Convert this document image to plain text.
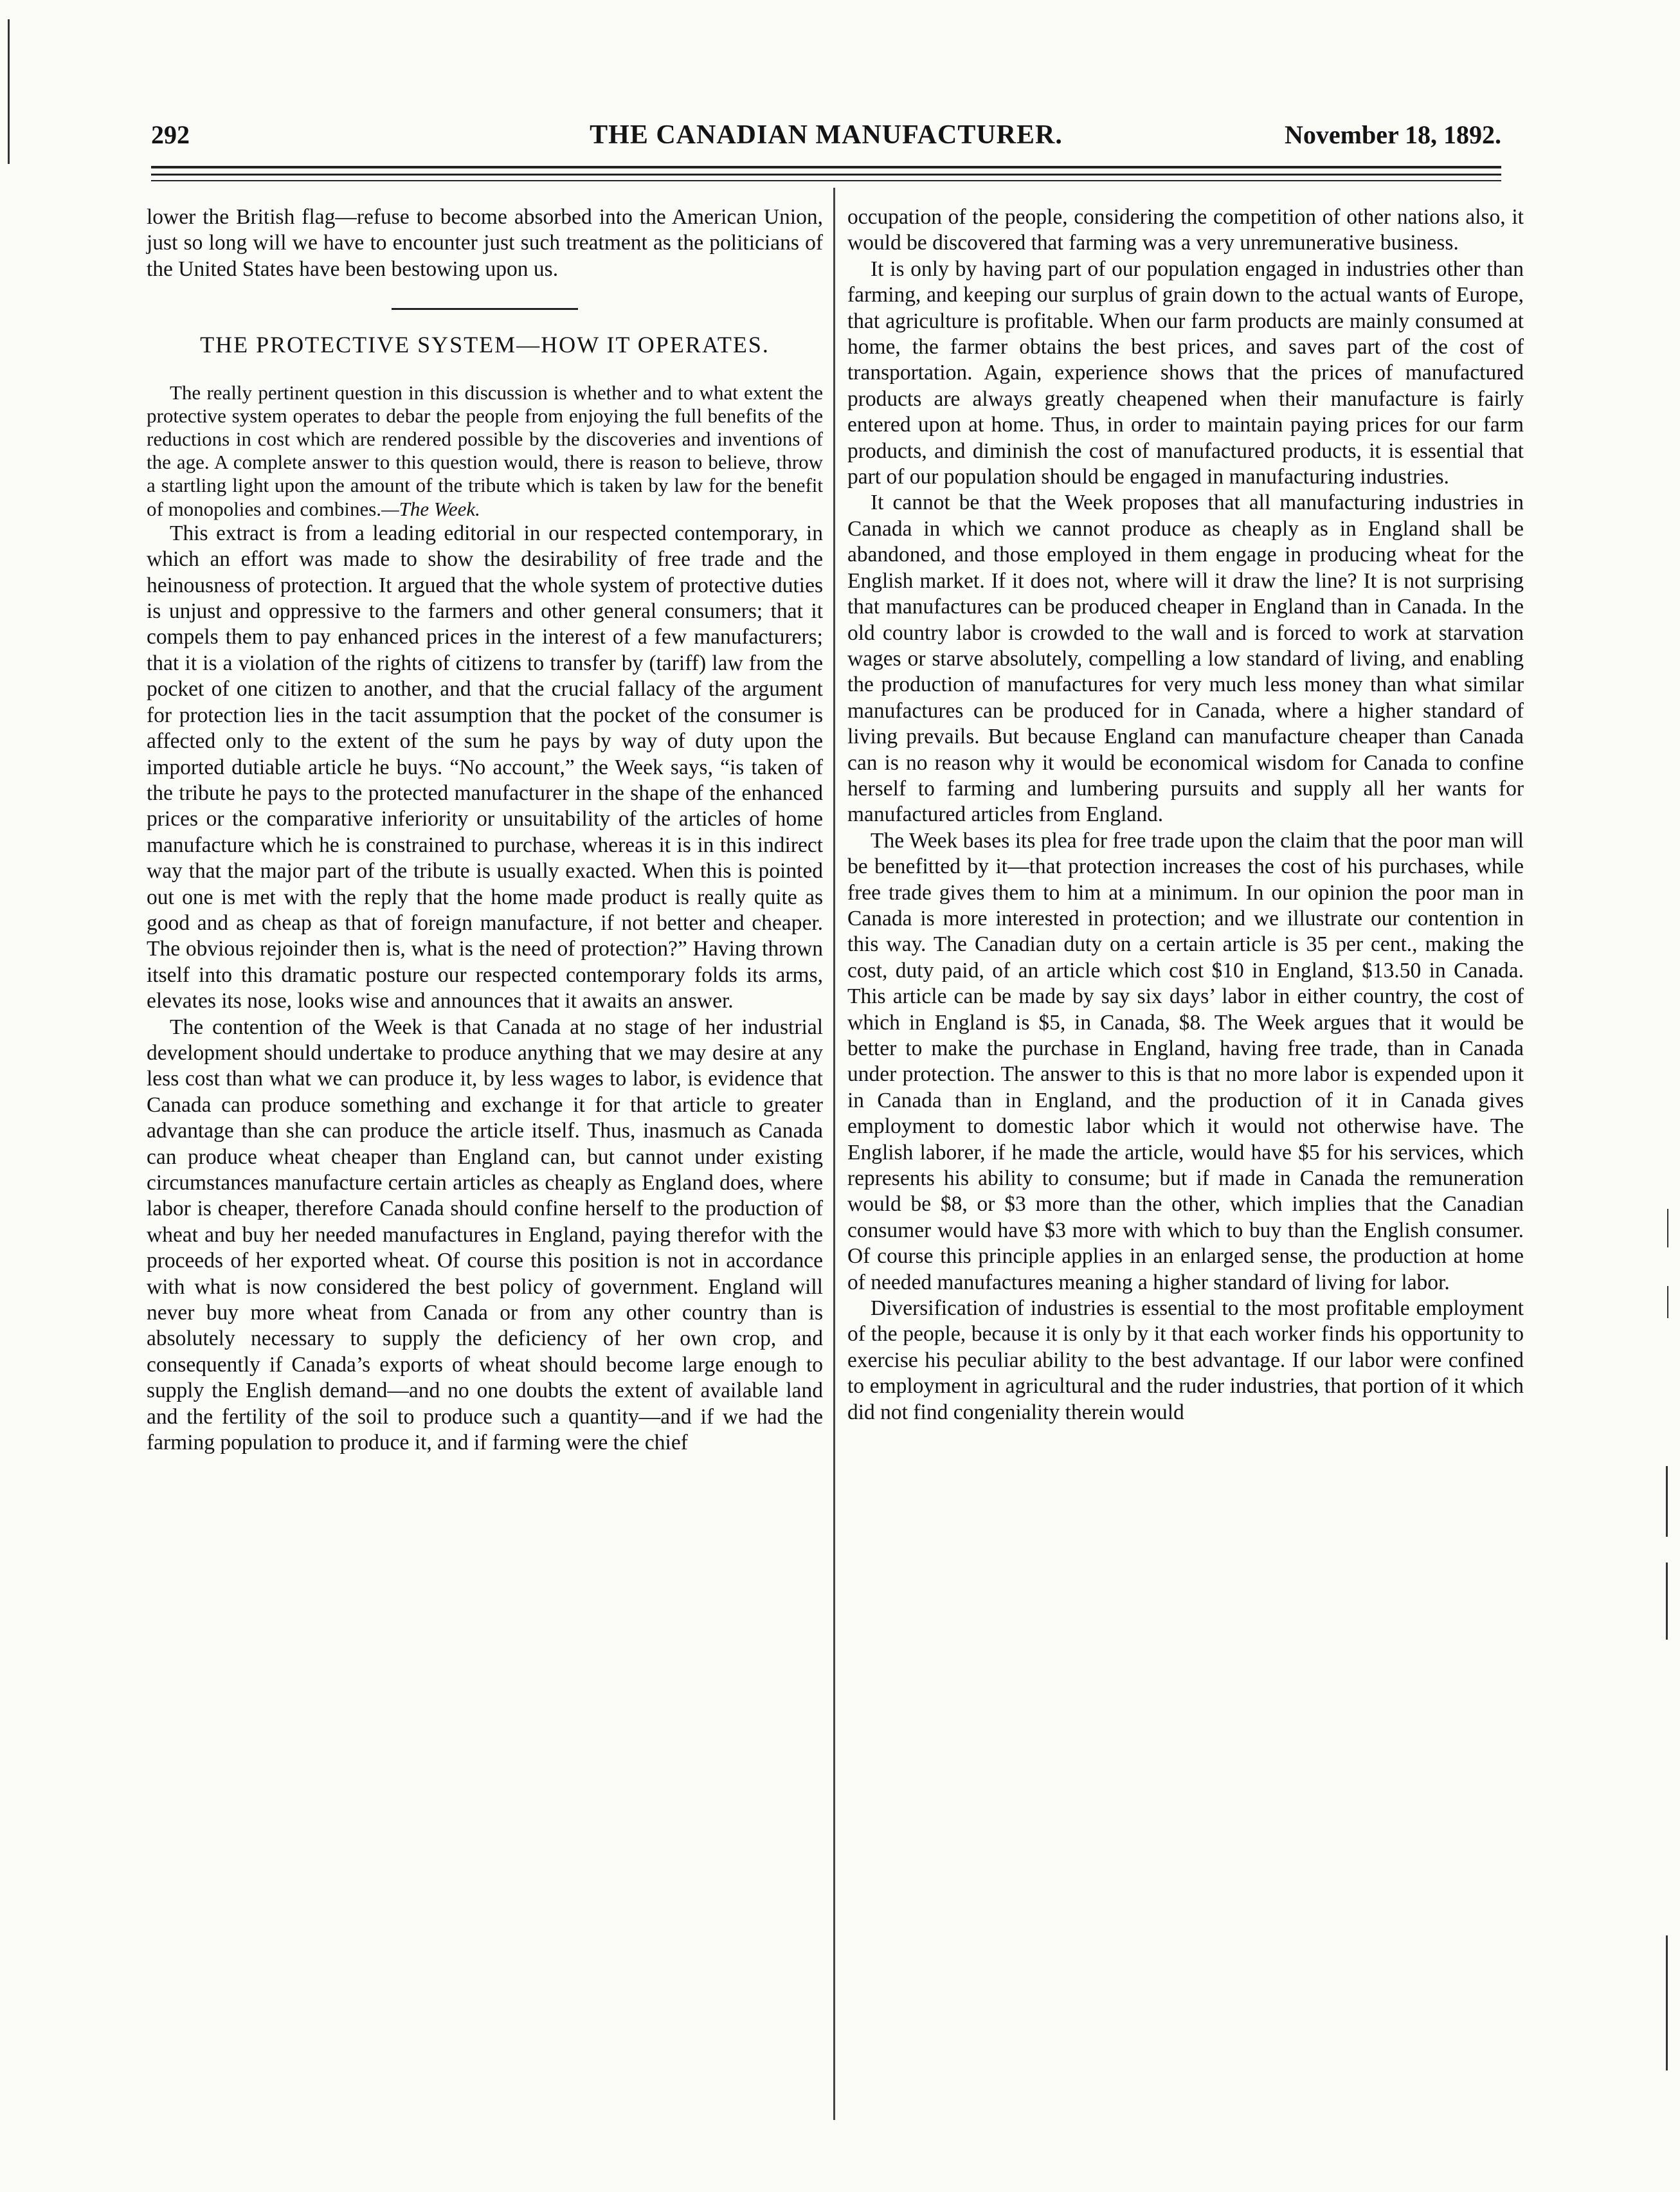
292	THE CANADIAN MANUFACTURER.	November 18, 1892.

lower the British flag—refuse to become absorbed into the American Union, just so long will we have to encounter just such treatment as the politicians of the United States have been bestowing upon us.

THE PROTECTIVE SYSTEM—HOW IT OPERATES.

The really pertinent question in this discussion is whether and to what extent the protective system operates to debar the people from enjoying the full benefits of the reductions in cost which are rendered possible by the discoveries and inventions of the age. A complete answer to this question would, there is reason to believe, throw a startling light upon the amount of the tribute which is taken by law for the benefit of monopolies and combines.—The Week.

This extract is from a leading editorial in our respected contemporary, in which an effort was made to show the desirability of free trade and the heinousness of protection. It argued that the whole system of protective duties is unjust and oppressive to the farmers and other general consumers; that it compels them to pay enhanced prices in the interest of a few manufacturers; that it is a violation of the rights of citizens to transfer by (tariff) law from the pocket of one citizen to another, and that the crucial fallacy of the argument for protection lies in the tacit assumption that the pocket of the consumer is affected only to the extent of the sum he pays by way of duty upon the imported dutiable article he buys. “No account,” the Week says, “is taken of the tribute he pays to the protected manufacturer in the shape of the enhanced prices or the comparative inferiority or unsuitability of the articles of home manufacture which he is constrained to purchase, whereas it is in this indirect way that the major part of the tribute is usually exacted. When this is pointed out one is met with the reply that the home made product is really quite as good and as cheap as that of foreign manufacture, if not better and cheaper. The obvious rejoinder then is, what is the need of protection?” Having thrown itself into this dramatic posture our respected contemporary folds its arms, elevates its nose, looks wise and announces that it awaits an answer.

The contention of the Week is that Canada at no stage of her industrial development should undertake to produce anything that we may desire at any less cost than what we can produce it, by less wages to labor, is evidence that Canada can produce something and exchange it for that article to greater advantage than she can produce the article itself. Thus, inasmuch as Canada can produce wheat cheaper than England can, but cannot under existing circumstances manufacture certain articles as cheaply as England does, where labor is cheaper, therefore Canada should confine herself to the production of wheat and buy her needed manufactures in England, paying therefor with the proceeds of her exported wheat. Of course this position is not in accordance with what is now considered the best policy of government. England will never buy more wheat from Canada or from any other country than is absolutely necessary to supply the deficiency of her own crop, and consequently if Canada’s exports of wheat should become large enough to supply the English demand—and no one doubts the extent of available land and the fertility of the soil to produce such a quantity—and if we had the farming population to produce it, and if farming were the chief

occupation of the people, considering the competition of other nations also, it would be discovered that farming was a very unremunerative business.

It is only by having part of our population engaged in industries other than farming, and keeping our surplus of grain down to the actual wants of Europe, that agriculture is profitable. When our farm products are mainly consumed at home, the farmer obtains the best prices, and saves part of the cost of transportation. Again, experience shows that the prices of manufactured products are always greatly cheapened when their manufacture is fairly entered upon at home. Thus, in order to maintain paying prices for our farm products, and diminish the cost of manufactured products, it is essential that part of our population should be engaged in manufacturing industries.

It cannot be that the Week proposes that all manufacturing industries in Canada in which we cannot produce as cheaply as in England shall be abandoned, and those employed in them engage in producing wheat for the English market. If it does not, where will it draw the line? It is not surprising that manufactures can be produced cheaper in England than in Canada. In the old country labor is crowded to the wall and is forced to work at starvation wages or starve absolutely, compelling a low standard of living, and enabling the production of manufactures for very much less money than what similar manufactures can be produced for in Canada, where a higher standard of living prevails. But because England can manufacture cheaper than Canada can is no reason why it would be economical wisdom for Canada to confine herself to farming and lumbering pursuits and supply all her wants for manufactured articles from England.

The Week bases its plea for free trade upon the claim that the poor man will be benefitted by it—that protection increases the cost of his purchases, while free trade gives them to him at a minimum. In our opinion the poor man in Canada is more interested in protection; and we illustrate our contention in this way. The Canadian duty on a certain article is 35 per cent., making the cost, duty paid, of an article which cost $10 in England, $13.50 in Canada. This article can be made by say six days’ labor in either country, the cost of which in England is $5, in Canada, $8. The Week argues that it would be better to make the purchase in England, having free trade, than in Canada under protection. The answer to this is that no more labor is expended upon it in Canada than in England, and the production of it in Canada gives employment to domestic labor which it would not otherwise have. The English laborer, if he made the article, would have $5 for his services, which represents his ability to consume; but if made in Canada the remuneration would be $8, or $3 more than the other, which implies that the Canadian consumer would have $3 more with which to buy than the English consumer. Of course this principle applies in an enlarged sense, the production at home of needed manufactures meaning a higher standard of living for labor.

Diversification of industries is essential to the most profitable employment of the people, because it is only by it that each worker finds his opportunity to exercise his peculiar ability to the best advantage. If our labor were confined to employment in agricultural and the ruder industries, that portion of it which did not find congeniality therein would
